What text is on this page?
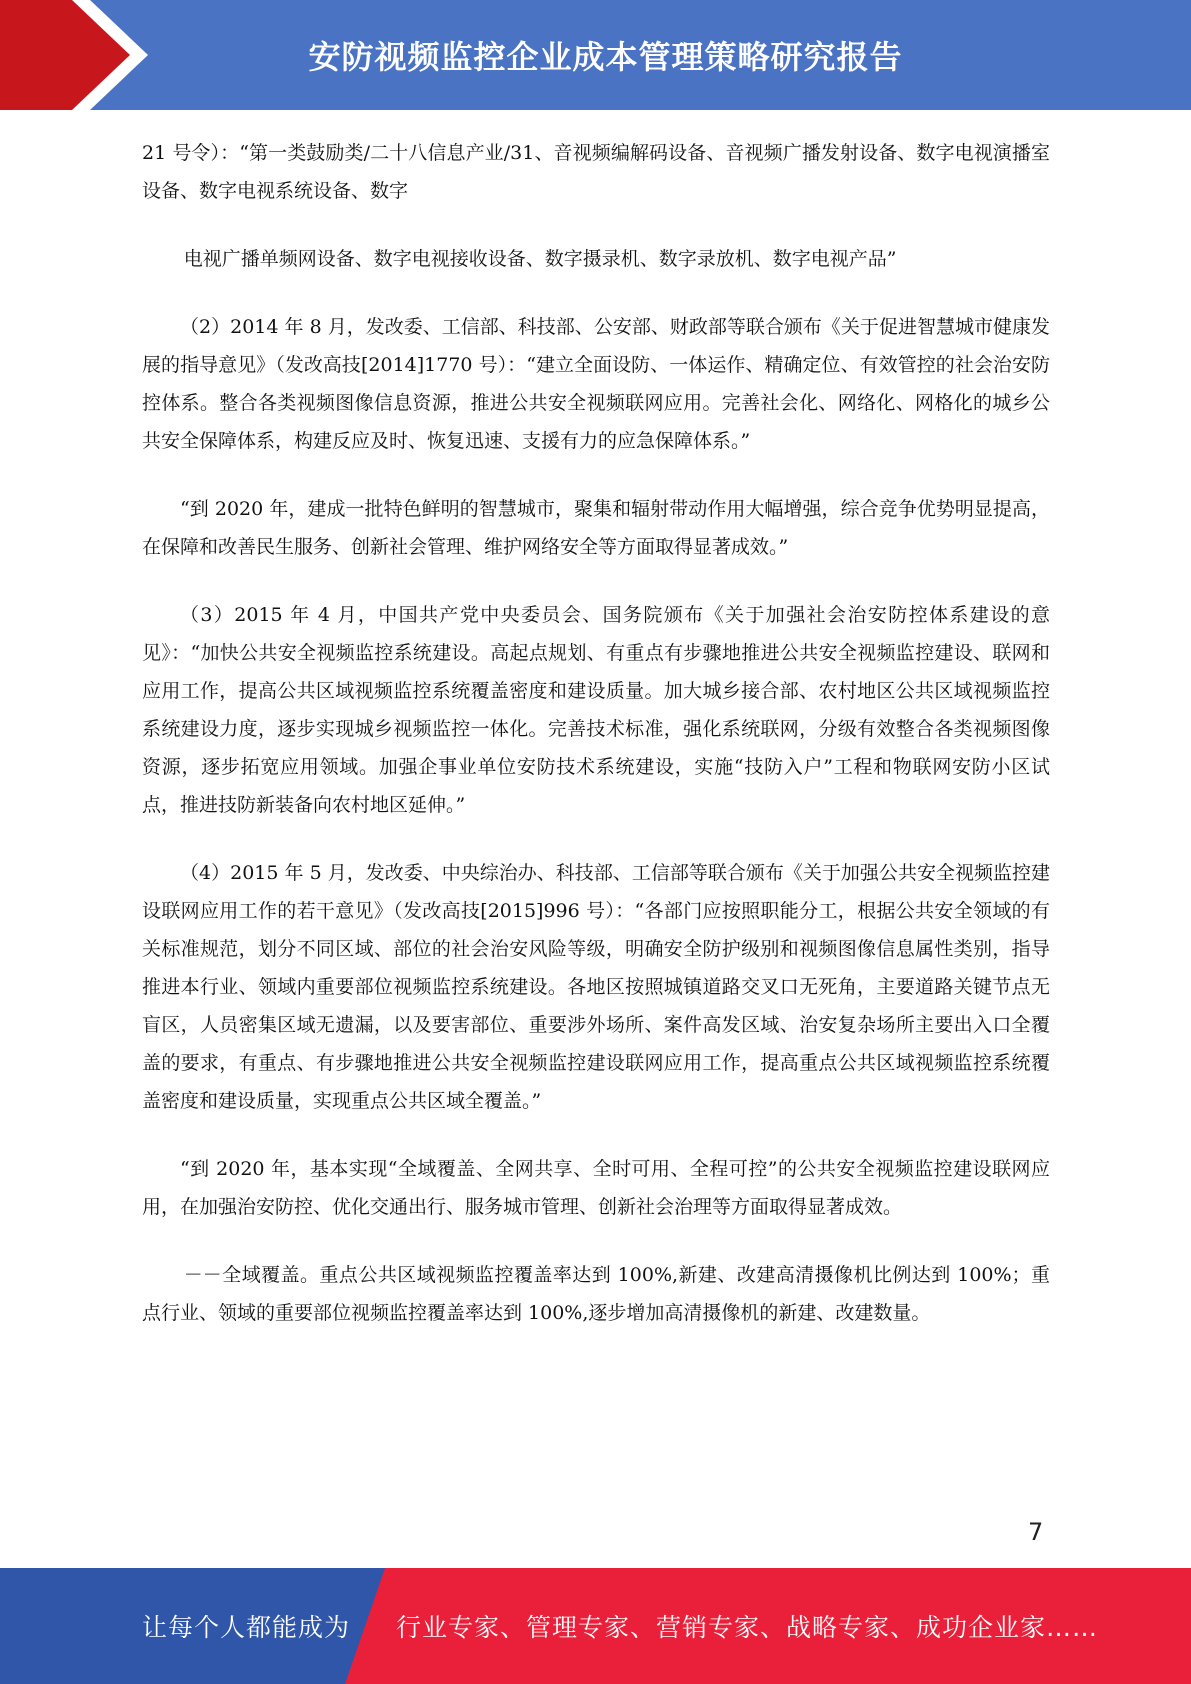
安防视频监控企业成本管理策略研究报告

21 号令）：“第一类鼓励类/二十八信息产业/31、音视频编解码设备、音视频广播发射设备、数字电视演播室设备、数字电视系统设备、数字

电视广播单频网设备、数字电视接收设备、数字摄录机、数字录放机、数字电视产品”

（2）2014 年 8 月，发改委、工信部、科技部、公安部、财政部等联合颁布《关于促进智慧城市健康发展的指导意见》（发改高技[2014]1770 号）：“建立全面设防、一体运作、精确定位、有效管控的社会治安防控体系。整合各类视频图像信息资源，推进公共安全视频联网应用。完善社会化、网络化、网格化的城乡公共安全保障体系，构建反应及时、恢复迅速、支援有力的应急保障体系。”

“到 2020 年，建成一批特色鲜明的智慧城市，聚集和辐射带动作用大幅增强，综合竞争优势明显提高，在保障和改善民生服务、创新社会管理、维护网络安全等方面取得显著成效。”

（3）2015 年 4 月，中国共产党中央委员会、国务院颁布《关于加强社会治安防控体系建设的意见》：“加快公共安全视频监控系统建设。高起点规划、有重点有步骤地推进公共安全视频监控建设、联网和应用工作，提高公共区域视频监控系统覆盖密度和建设质量。加大城乡接合部、农村地区公共区域视频监控系统建设力度，逐步实现城乡视频监控一体化。完善技术标准，强化系统联网，分级有效整合各类视频图像资源，逐步拓宽应用领域。加强企事业单位安防技术系统建设，实施“技防入户”工程和物联网安防小区试点，推进技防新装备向农村地区延伸。”

（4）2015 年 5 月，发改委、中央综治办、科技部、工信部等联合颁布《关于加强公共安全视频监控建设联网应用工作的若干意见》（发改高技[2015]996 号）：“各部门应按照职能分工，根据公共安全领域的有关标准规范，划分不同区域、部位的社会治安风险等级，明确安全防护级别和视频图像信息属性类别，指导推进本行业、领域内重要部位视频监控系统建设。各地区按照城镇道路交叉口无死角，主要道路关键节点无盲区，人员密集区域无遗漏，以及要害部位、重要涉外场所、案件高发区域、治安复杂场所主要出入口全覆盖的要求，有重点、有步骤地推进公共安全视频监控建设联网应用工作，提高重点公共区域视频监控系统覆盖密度和建设质量，实现重点公共区域全覆盖。”

“到 2020 年，基本实现“全域覆盖、全网共享、全时可用、全程可控”的公共安全视频监控建设联网应用，在加强治安防控、优化交通出行、服务城市管理、创新社会治理等方面取得显著成效。

－－全域覆盖。重点公共区域视频监控覆盖率达到 100%,新建、改建高清摄像机比例达到 100%；重点行业、领域的重要部位视频监控覆盖率达到 100%,逐步增加高清摄像机的新建、改建数量。

7
让每个人都能成为 行业专家、管理专家、营销专家、战略专家、成功企业家……
